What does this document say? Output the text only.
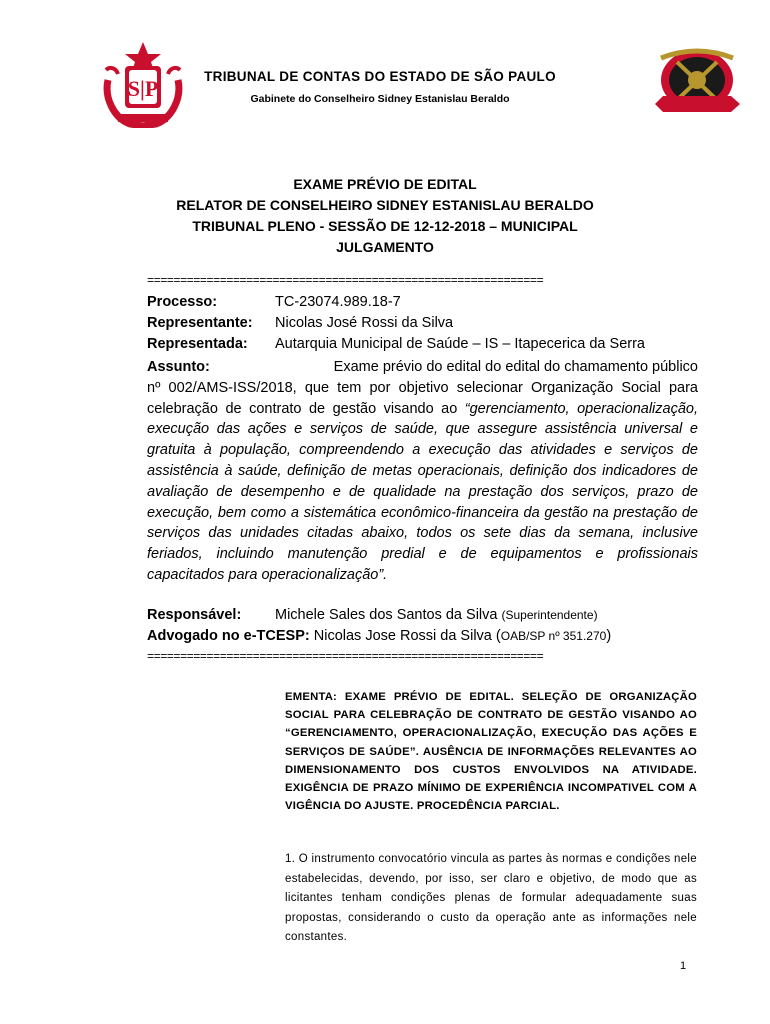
S|P	TRIBUNAL DE CONTAS DO ESTADO DE SÃO PAULO
Gabinete do Conselheiro Sidney Estanislau Beraldo
EXAME PRÉVIO DE EDITAL
RELATOR DE CONSELHEIRO SIDNEY ESTANISLAU BERALDO
TRIBUNAL PLENO - SESSÃO DE 12-12-2018 – MUNICIPAL
JULGAMENTO
============================================================
Processo:	TC-23074.989.18-7
Representante: Nicolas José Rossi da Silva
Representada: Autarquia Municipal de Saúde – IS – Itapecerica da Serra
Assunto:	Exame prévio do edital do edital do chamamento público
nº 002/AMS-ISS/2018, que tem por objetivo selecionar Organização Social para celebração de contrato de gestão visando ao “gerenciamento, operacionalização, execução das ações e serviços de saúde, que assegure assistência universal e gratuita à população, compreendendo a execução das atividades e serviços de assistência à saúde, definição de metas operacionais, definição dos indicadores de avaliação de desempenho e de qualidade na prestação dos serviços, prazo de execução, bem como a sistemática econômico-financeira da gestão na prestação de serviços das unidades citadas abaixo, todos os sete dias da semana, inclusive feriados, incluindo manutenção predial e de equipamentos e profissionais capacitados para operacionalização”.
Responsável: Michele Sales dos Santos da Silva (Superintendente)
Advogado no e-TCESP: Nicolas Jose Rossi da Silva (OAB/SP nº 351.270)
============================================================
EMENTA: EXAME PRÉVIO DE EDITAL. SELEÇÃO DE ORGANIZAÇÃO SOCIAL PARA CELEBRAÇÃO DE CONTRATO DE GESTÃO VISANDO AO “GERENCIAMENTO, OPERACIONALIZAÇÃO, EXECUÇÃO DAS AÇÕES E SERVIÇOS DE SAÚDE”. AUSÊNCIA DE INFORMAÇÕES RELEVANTES AO DIMENSIONAMENTO DOS CUSTOS ENVOLVIDOS NA ATIVIDADE. EXIGÊNCIA DE PRAZO MÍNIMO DE EXPERIÊNCIA INCOMPATIVEL COM A VIGÊNCIA DO AJUSTE. PROCEDÊNCIA PARCIAL.
1. O instrumento convocatório vincula as partes às normas e condições nele estabelecidas, devendo, por isso, ser claro e objetivo, de modo que as licitantes tenham condições plenas de formular adequadamente suas propostas, considerando o custo da operação ante as informações nele constantes.
1
